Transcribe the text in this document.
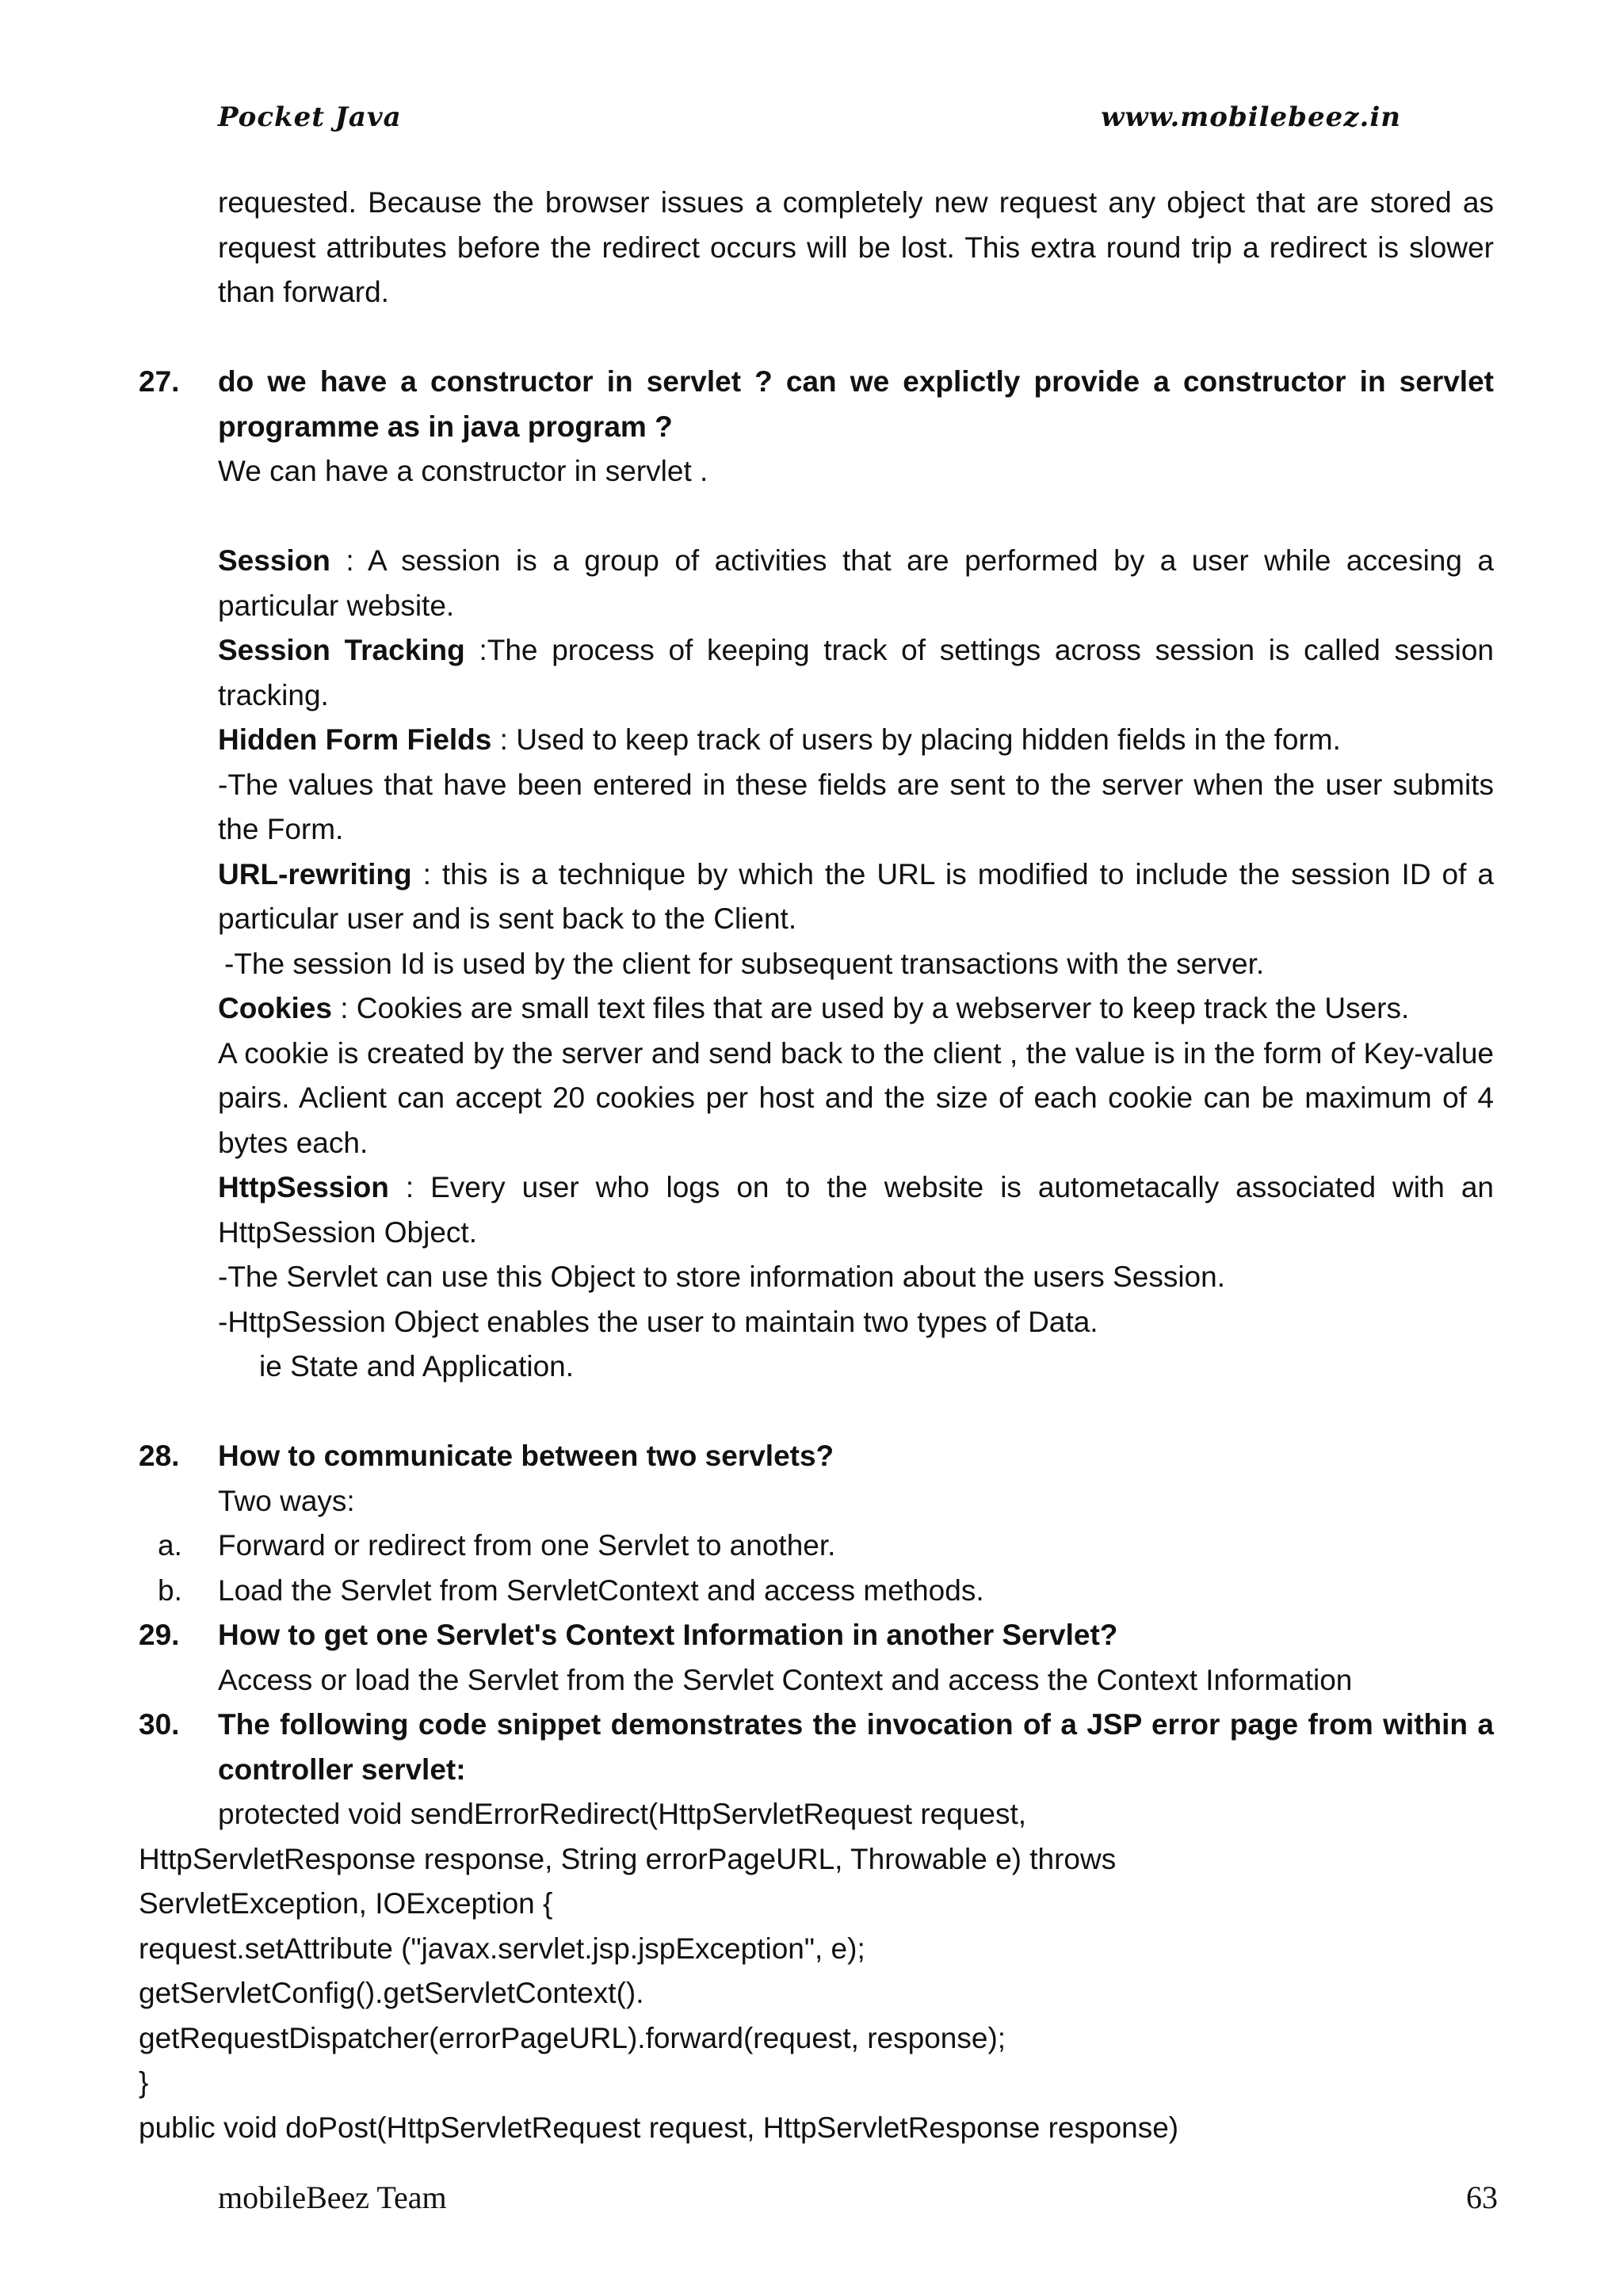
Pocket Java	www.mobilebeez.in

requested. Because the browser issues a completely new request any object that are stored as request attributes before the redirect occurs will be lost. This extra round trip a redirect is slower than forward.

27.	do we have a constructor in servlet ? can we explictly provide a constructor in servlet programme as in java program ?

We can have a constructor in servlet .

Session : A session is a group of activities that are performed by a user while accesing a particular website.

Session Tracking :The process of keeping track of settings across session is called session tracking.

Hidden Form Fields : Used to keep track of users by placing hidden fields in the form.

-The values that have been entered in these fields are sent to the server when the user submits the Form.

URL-rewriting : this is a technique by which the URL is modified to include the session ID of a particular user and is sent back to the Client.

-The session Id is used by the client for subsequent transactions with the server.

Cookies : Cookies are small text files that are used by a webserver to keep track the Users.

A cookie is created by the server and send back to the client , the value is in the form of Key-value pairs. Aclient can accept 20 cookies per host and the size of each cookie can be maximum of 4 bytes each.

HttpSession : Every user who logs on to the website is autometacally associated with an HttpSession Object.

-The Servlet can use this Object to store information about the users Session.

-HttpSession Object enables the user to maintain two types of Data.

ie State and Application.

28.	How to communicate between two servlets?

Two ways:

a.	Forward or redirect from one Servlet to another.
b.	Load the Servlet from ServletContext and access methods.
29.	How to get one Servlet's Context Information in another Servlet?

Access or load the Servlet from the Servlet Context and access the Context Information

30.	The following code snippet demonstrates the invocation of a JSP error page from within a controller servlet:

protected void sendErrorRedirect(HttpServletRequest request,

HttpServletResponse response, String errorPageURL, Throwable e) throws

ServletException, IOException {

request.setAttribute ("javax.servlet.jsp.jspException", e);

getServletConfig().getServletContext().

getRequestDispatcher(errorPageURL).forward(request, response);

}

public void doPost(HttpServletRequest request, HttpServletResponse response)

mobileBeez Team	63
